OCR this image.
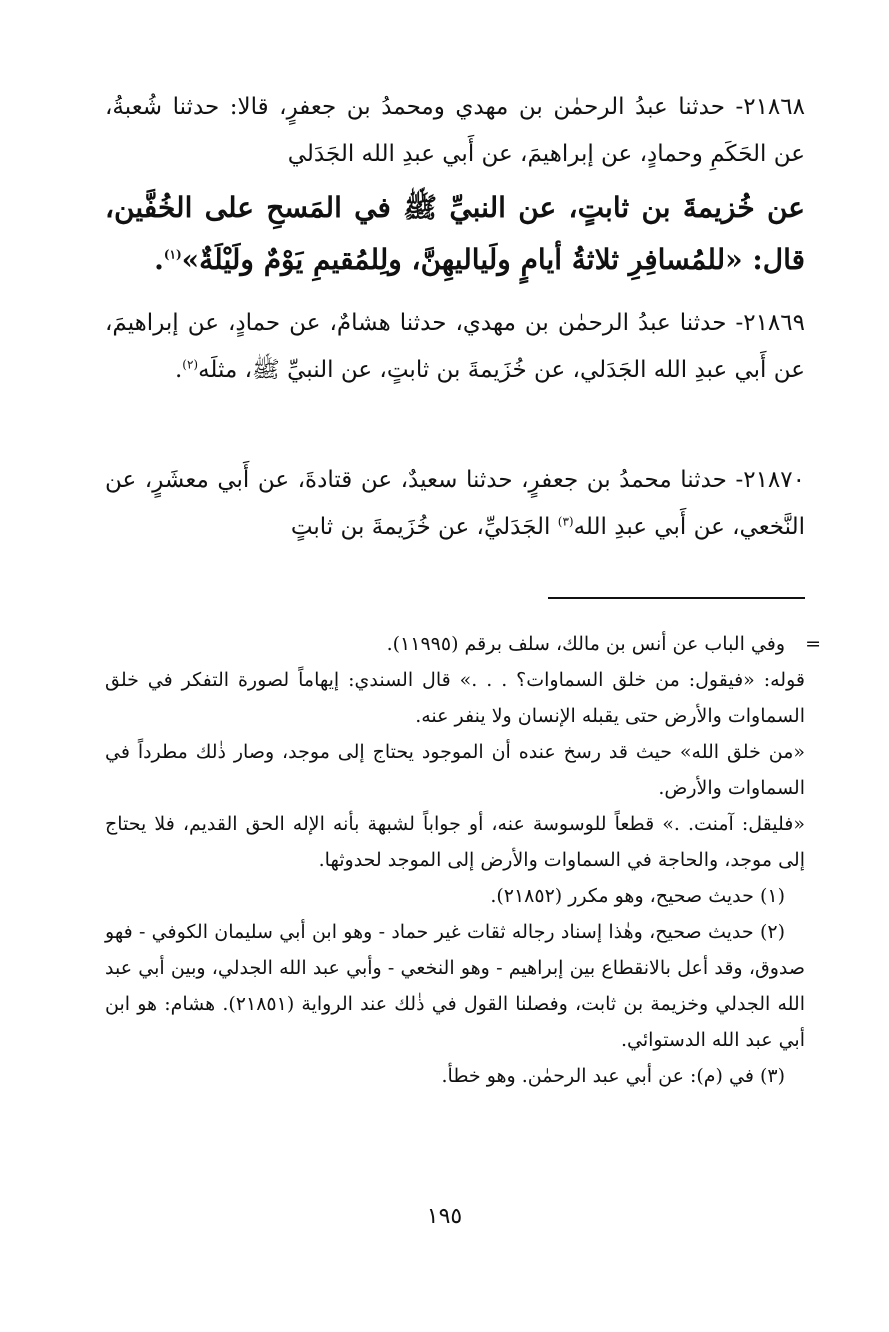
٢١٨٦٨- حدثنا عبدُ الرحمٰن بن مهدي ومحمدُ بن جعفرٍ، قالا: حدثنا شُعبةُ، عن الحَكَمِ وحمادٍ، عن إبراهيمَ، عن أَبي عبدِ الله الجَدَلي

عن خُزيمةَ بن ثابتٍ، عن النبيِّ ﷺ في المَسحِ على الخُفَّين، قال: «للمُسافِرِ ثلاثةُ أيامٍ ولَياليهِنَّ، ولِلمُقيمِ يَوْمٌ ولَيْلَةٌ»$^{(١)}$.

٢١٨٦٩- حدثنا عبدُ الرحمٰن بن مهدي، حدثنا هشامٌ، عن حمادٍ، عن إبراهيمَ، عن أَبي عبدِ الله الجَدَلي، عن خُزَيمةَ بن ثابتٍ، عن النبيِّ ﷺ، مثلَه$^{(٢)}$.

٢١٨٧٠- حدثنا محمدُ بن جعفرٍ، حدثنا سعيدٌ، عن قتادةَ، عن أَبي معشَرٍ، عن النَّخعي، عن أَبي عبدِ الله$^{(٣)}$ الجَدَليِّ، عن خُزَيمةَ بن ثابتٍ

=

وفي الباب عن أنس بن مالك، سلف برقم (١١٩٩٥).

قوله: «فيقول: من خلق السماوات؟ . . .» قال السندي: إيهاماً لصورة التفكر في خلق السماوات والأرض حتى يقبله الإنسان ولا ينفر عنه.

«من خلق الله» حيث قد رسخ عنده أن الموجود يحتاج إلى موجد، وصار ذٰلك مطرداً في السماوات والأرض.

«فليقل: آمنت. .» قطعاً للوسوسة عنه، أو جواباً لشبهة بأنه الإله الحق القديم، فلا يحتاج إلى موجد، والحاجة في السماوات والأرض إلى الموجد لحدوثها.

(١) حديث صحيح، وهو مكرر (٢١٨٥٢).

(٢) حديث صحيح، وهٰذا إسناد رجاله ثقات غير حماد - وهو ابن أبي سليمان الكوفي - فهو صدوق، وقد أعل بالانقطاع بين إبراهيم - وهو النخعي - وأبي عبد الله الجدلي، وبين أبي عبد الله الجدلي وخزيمة بن ثابت، وفصلنا القول في ذٰلك عند الرواية (٢١٨٥١). هشام: هو ابن أبي عبد الله الدستوائي.

(٣) في (م): عن أبي عبد الرحمٰن. وهو خطأ.

١٩٥
